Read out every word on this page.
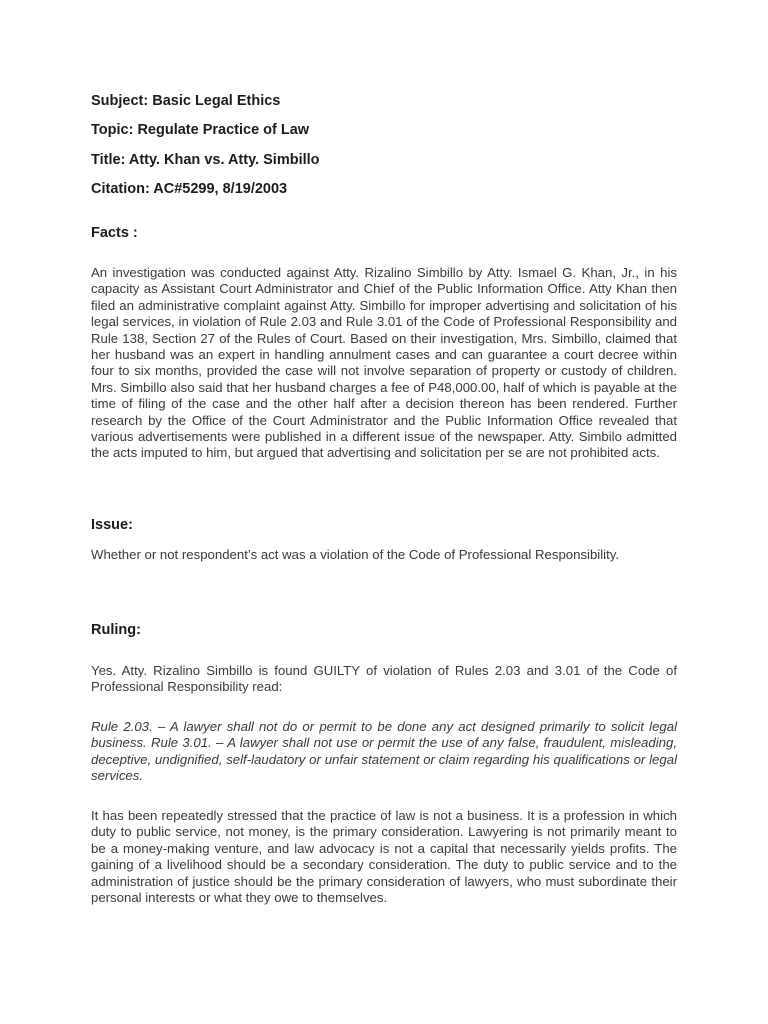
Subject: Basic Legal Ethics
Topic: Regulate Practice of Law
Title: Atty. Khan vs. Atty. Simbillo
Citation: AC#5299, 8/19/2003
Facts :

An investigation was conducted against Atty. Rizalino Simbillo by Atty. Ismael G. Khan, Jr., in his capacity as Assistant Court Administrator and Chief of the Public Information Office. Atty Khan then filed an administrative complaint against Atty. Simbillo for improper advertising and solicitation of his legal services, in violation of Rule 2.03 and Rule 3.01 of the Code of Professional Responsibility and Rule 138, Section 27 of the Rules of Court. Based on their investigation, Mrs. Simbillo, claimed that her husband was an expert in handling annulment cases and can guarantee a court decree within four to six months, provided the case will not involve separation of property or custody of children. Mrs. Simbillo also said that her husband charges a fee of P48,000.00, half of which is payable at the time of filing of the case and the other half after a decision thereon has been rendered. Further research by the Office of the Court Administrator and the Public Information Office revealed that various advertisements were published in a different issue of the newspaper. Atty. Simbilo admitted the acts imputed to him, but argued that advertising and solicitation per se are not prohibited acts.

Issue:

Whether or not respondent’s act was a violation of the Code of Professional Responsibility.

Ruling:

Yes. Atty. Rizalino Simbillo is found GUILTY of violation of Rules 2.03 and 3.01 of the Code of Professional Responsibility read:

Rule 2.03. – A lawyer shall not do or permit to be done any act designed primarily to solicit legal business. Rule 3.01. – A lawyer shall not use or permit the use of any false, fraudulent, misleading, deceptive, undignified, self-laudatory or unfair statement or claim regarding his qualifications or legal services.

It has been repeatedly stressed that the practice of law is not a business. It is a profession in which duty to public service, not money, is the primary consideration. Lawyering is not primarily meant to be a money-making venture, and law advocacy is not a capital that necessarily yields profits. The gaining of a livelihood should be a secondary consideration. The duty to public service and to the administration of justice should be the primary consideration of lawyers, who must subordinate their personal interests or what they owe to themselves.
